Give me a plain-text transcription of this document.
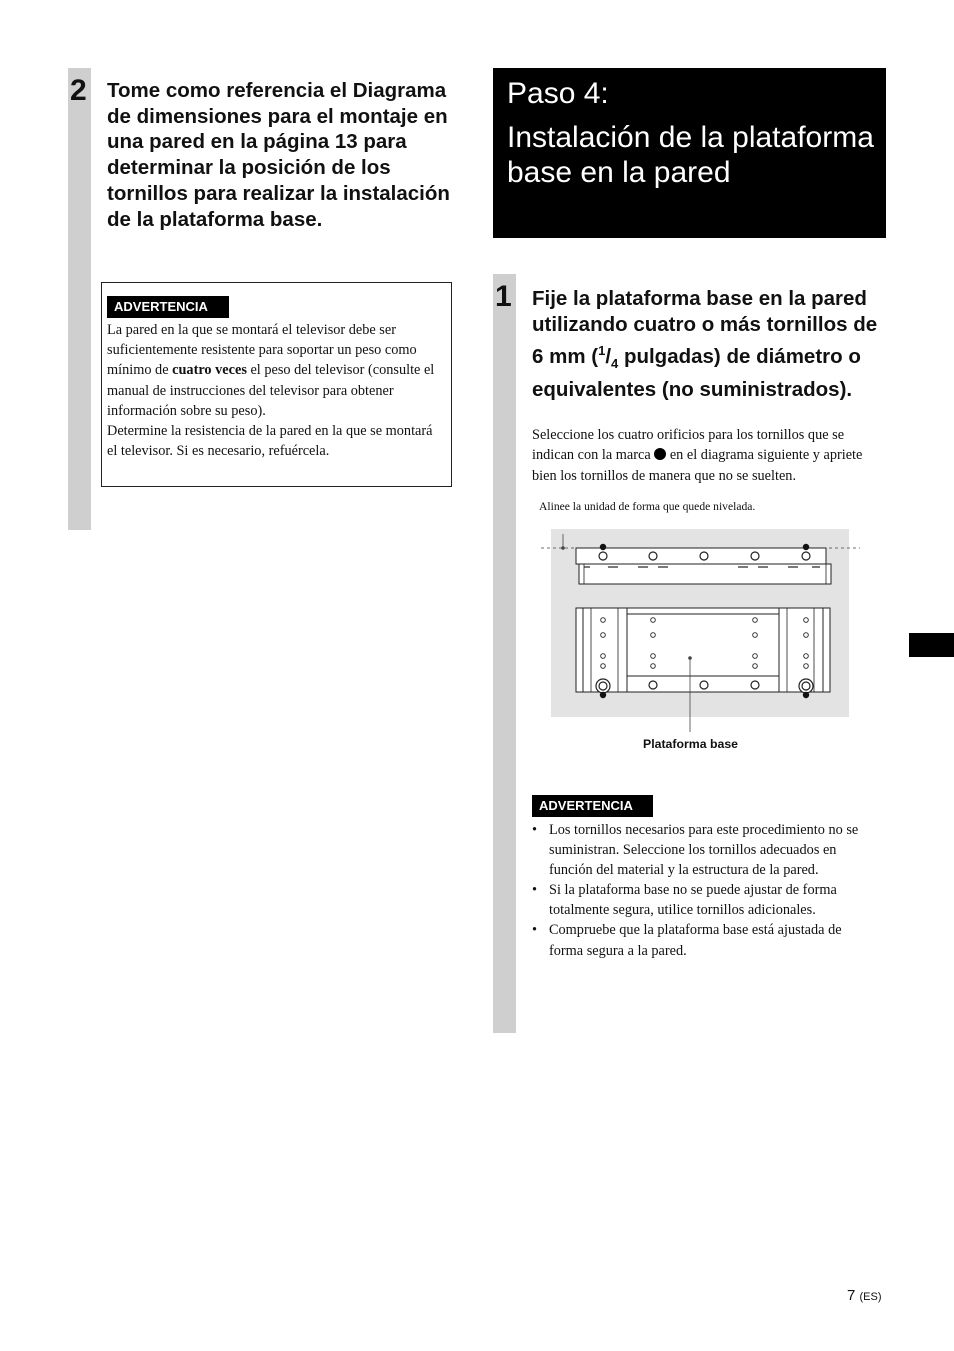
2 Tome como referencia el Diagrama de dimensiones para el montaje en una pared en la página 13 para determinar la posición de los tornillos para realizar la instalación de la plataforma base.
ADVERTENCIA
La pared en la que se montará el televisor debe ser suficientemente resistente para soportar un peso como mínimo de cuatro veces el peso del televisor (consulte el manual de instrucciones del televisor para obtener información sobre su peso).
Determine la resistencia de la pared en la que se montará el televisor. Si es necesario, refuércela.
Paso 4:
Instalación de la plataforma base en la pared
1 Fije la plataforma base en la pared utilizando cuatro o más tornillos de 6 mm ($^1/_4$ pulgadas) de diámetro o equivalentes (no suministrados).
Seleccione los cuatro orificios para los tornillos que se indican con la marca  en el diagrama siguiente y apriete bien los tornillos de manera que no se suelten.
Alinee la unidad de forma que quede nivelada.
Plataforma base
ADVERTENCIA
• Los tornillos necesarios para este procedimiento no se suministran. Seleccione los tornillos adecuados en función del material y la estructura de la pared.
• Si la plataforma base no se puede ajustar de forma totalmente segura, utilice tornillos adicionales.
• Compruebe que la plataforma base está ajustada de forma segura a la pared.
7 (ES)
